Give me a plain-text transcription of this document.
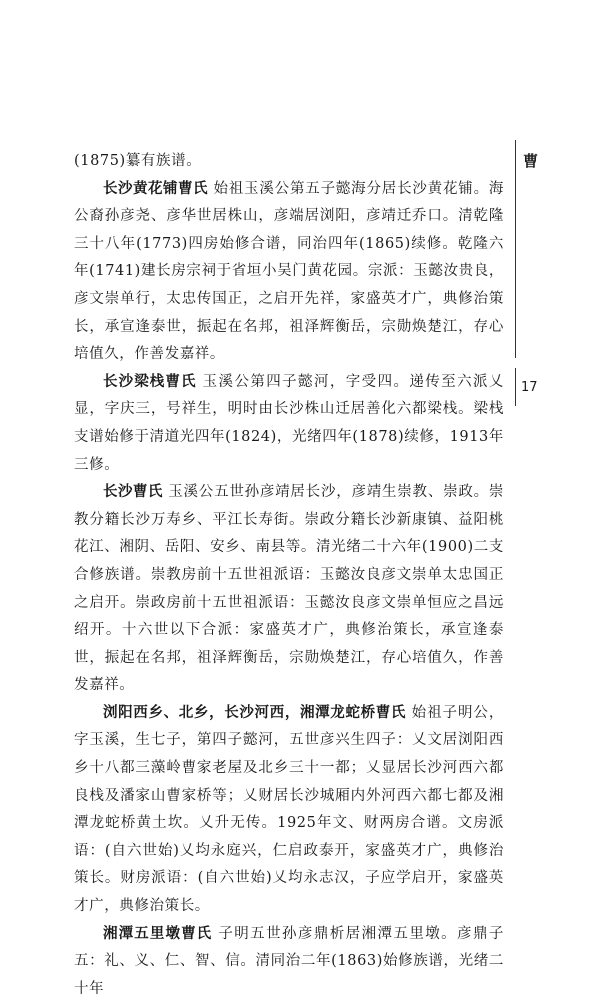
(1875)纂有族谱。

长沙黄花铺曹氏 始祖玉溪公第五子懿海分居长沙黄花铺。海公裔孙彦尧、彦华世居株山，彦端居浏阳，彦靖迁乔口。清乾隆三十八年(1773)四房始修合谱，同治四年(1865)续修。乾隆六年(1741)建长房宗祠于省垣小吴门黄花园。宗派：玉懿汝贵良，彦文崇单行，太忠传国正，之启开先祥，家盛英才广，典修治策长，承宣逢泰世，振起在名邦，祖泽辉衡岳，宗勋焕楚江，存心培值久，作善发嘉祥。

长沙梁栈曹氏 玉溪公第四子懿河，字受四。递传至六派乂显，字庆三，号祥生，明时由长沙株山迁居善化六都梁栈。梁栈支谱始修于清道光四年(1824)，光绪四年(1878)续修，1913年三修。

长沙曹氏 玉溪公五世孙彦靖居长沙，彦靖生崇教、崇政。崇教分籍长沙万寿乡、平江长寿街。崇政分籍长沙新康镇、益阳桃花江、湘阴、岳阳、安乡、南县等。清光绪二十六年(1900)二支合修族谱。崇教房前十五世祖派语：玉懿汝良彦文崇单太忠国正之启开。崇政房前十五世祖派语：玉懿汝良彦文崇单恒应之昌远绍开。十六世以下合派：家盛英才广，典修治策长，承宣逢泰世，振起在名邦，祖泽辉衡岳，宗勋焕楚江，存心培值久，作善发嘉祥。

浏阳西乡、北乡，长沙河西，湘潭龙蛇桥曹氏 始祖子明公，字玉溪，生七子，第四子懿河，五世彦兴生四子：乂文居浏阳西乡十八都三藻岭曹家老屋及北乡三十一都；乂显居长沙河西六都良栈及潘家山曹家桥等；乂财居长沙城厢内外河西六都七都及湘潭龙蛇桥黄土坎。乂升无传。1925年文、财两房合谱。文房派语：(自六世始)乂均永庭兴，仁启政泰开，家盛英才广，典修治策长。财房派语：(自六世始)乂均永志汉，子应学启开，家盛英才广，典修治策长。

湘潭五里墩曹氏 子明五世孙彦鼎析居湘潭五里墩。彦鼎子五：礼、义、仁、智、信。清同治二年(1863)始修族谱，光绪二十年

曹
17
